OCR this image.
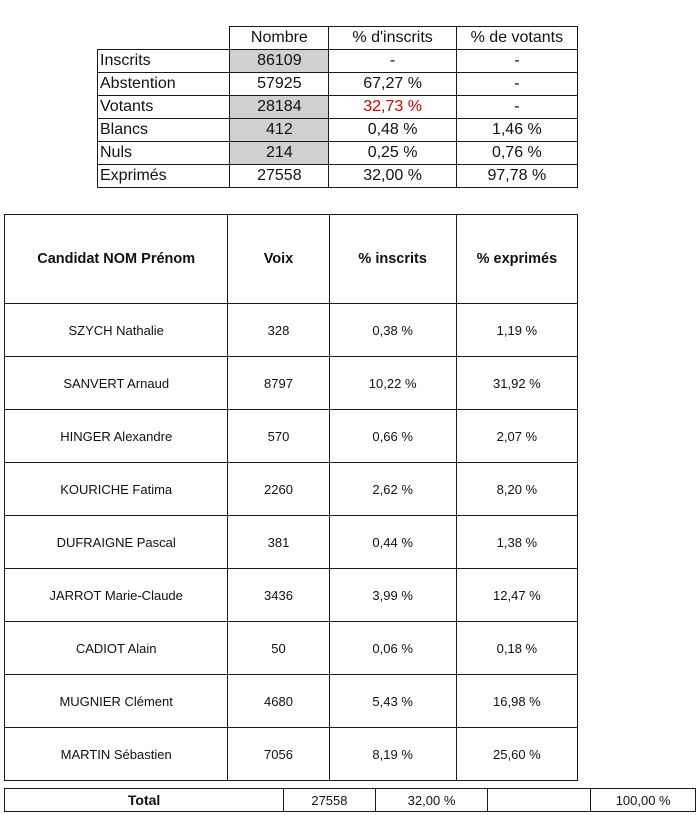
	Nombre	% d'inscrits	% de votants
Inscrits	86109	-	-
Abstention	57925	67,27 %	-
Votants	28184	32,73 %	-
Blancs	412	0,48 %	1,46 %
Nuls	214	0,25 %	0,76 %
Exprimés	27558	32,00 %	97,78 %
Candidat NOM Prénom	Voix	% inscrits	% exprimés
SZYCH Nathalie	328	0,38 %	1,19 %
SANVERT Arnaud	8797	10,22 %	31,92 %
HINGER Alexandre	570	0,66 %	2,07 %
KOURICHE Fatima	2260	2,62 %	8,20 %
DUFRAIGNE Pascal	381	0,44 %	1,38 %
JARROT Marie-Claude	3436	3,99 %	12,47 %
CADIOT Alain	50	0,06 %	0,18 %
MUGNIER Clément	4680	5,43 %	16,98 %
MARTIN Sébastien	7056	8,19 %	25,60 %
Total	27558	32,00 %		100,00 %
